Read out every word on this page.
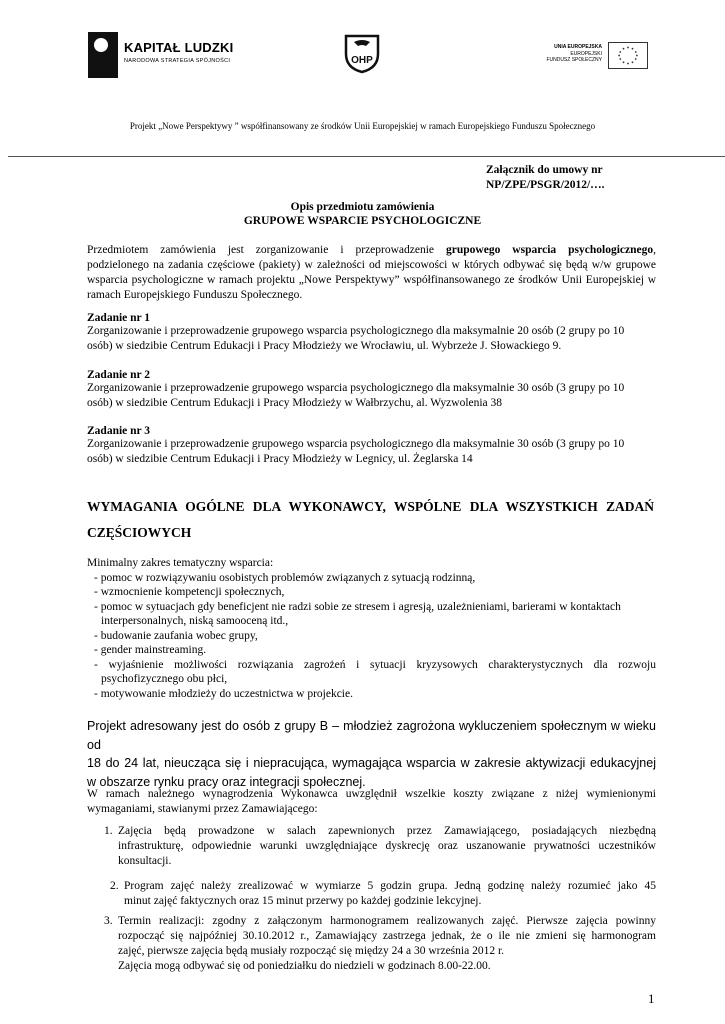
KAPITAŁ LUDZKI
NARODOWA STRATEGIA SPÓJNOŚCI	OHP
UNIA EUROPEJSKA
EUROPEJSKI
FUNDUSZ SPOŁECZNY
Projekt „Nowe Perspektywy ” współfinansowany ze środków Unii Europejskiej w ramach Europejskiego Funduszu Społecznego
Załącznik do umowy nr
NP/ZPE/PSGR/2012/….
Opis przedmiotu zamówienia
GRUPOWE WSPARCIE PSYCHOLOGICZNE
Przedmiotem zamówienia jest zorganizowanie i przeprowadzenie grupowego wsparcia psychologicznego,
podzielonego na zadania częściowe (pakiety) w zależności od miejscowości w których odbywać się będą w/w grupowe wsparcia psychologiczne w ramach projektu „Nowe Perspektywy” współfinansowanego ze środków Unii Europejskiej w ramach Europejskiego Funduszu Społecznego.
Zadanie nr 1
Zorganizowanie i przeprowadzenie grupowego wsparcia psychologicznego dla maksymalnie 20 osób (2 grupy po 10
osób) w siedzibie Centrum Edukacji i Pracy Młodzieży we Wrocławiu, ul. Wybrzeże J. Słowackiego 9.
Zadanie nr 2
Zorganizowanie i przeprowadzenie grupowego wsparcia psychologicznego dla maksymalnie 30 osób (3 grupy po 10
osób) w siedzibie Centrum Edukacji i Pracy Młodzieży w Wałbrzychu, al. Wyzwolenia 38
Zadanie nr 3
Zorganizowanie i przeprowadzenie grupowego wsparcia psychologicznego dla maksymalnie 30 osób (3 grupy po 10
osób) w siedzibie Centrum Edukacji i Pracy Młodzieży w Legnicy, ul. Żeglarska 14
WYMAGANIA OGÓLNE DLA WYKONAWCY, WSPÓLNE DLA WSZYSTKICH ZADAŃ
CZĘŚCIOWYCH
Minimalny zakres tematyczny wsparcia:
- pomoc w rozwiązywaniu osobistych problemów związanych z sytuacją rodzinną,
- wzmocnienie kompetencji społecznych,
- pomoc w sytuacjach gdy beneficjent nie radzi sobie ze stresem i agresją, uzależnieniami, barierami w kontaktach
interpersonalnych, niską samooceną itd.,
- budowanie zaufania wobec grupy,
- gender mainstreaming.
- wyjaśnienie możliwości rozwiązania zagrożeń i sytuacji kryzysowych charakterystycznych dla rozwoju
psychofizycznego obu płci,
- motywowanie młodzieży do uczestnictwa w projekcie.
Projekt adresowany jest do osób z grupy B – młodzież zagrożona wykluczeniem społecznym w wieku od
18 do 24 lat, nieucząca się i niepracująca, wymagająca wsparcia w zakresie aktywizacji edukacyjnej
w obszarze rynku pracy oraz integracji społecznej.
W ramach należnego wynagrodzenia Wykonawca uwzględnił wszelkie koszty związane z niżej wymienionymi
wymaganiami, stawianymi przez Zamawiającego:
1. Zajęcia będą prowadzone w salach zapewnionych przez Zamawiającego, posiadających niezbędną
infrastrukturę, odpowiednie warunki uwzględniające dyskrecję oraz uszanowanie prywatności uczestników
konsultacji.
2. Program zajęć należy zrealizować w wymiarze 5 godzin grupa. Jedną godzinę należy rozumieć jako 45
minut zajęć faktycznych oraz 15 minut przerwy po każdej godzinie lekcyjnej.
3. Termin realizacji: zgodny z załączonym harmonogramem realizowanych zajęć. Pierwsze zajęcia powinny
rozpocząć się najpóźniej 30.10.2012 r., Zamawiający zastrzega jednak, że o ile nie zmieni się harmonogram
zajęć, pierwsze zajęcia będą musiały rozpocząć się między 24 a 30 września 2012 r.
Zajęcia mogą odbywać się od poniedziałku do niedzieli w godzinach 8.00-22.00.
1
